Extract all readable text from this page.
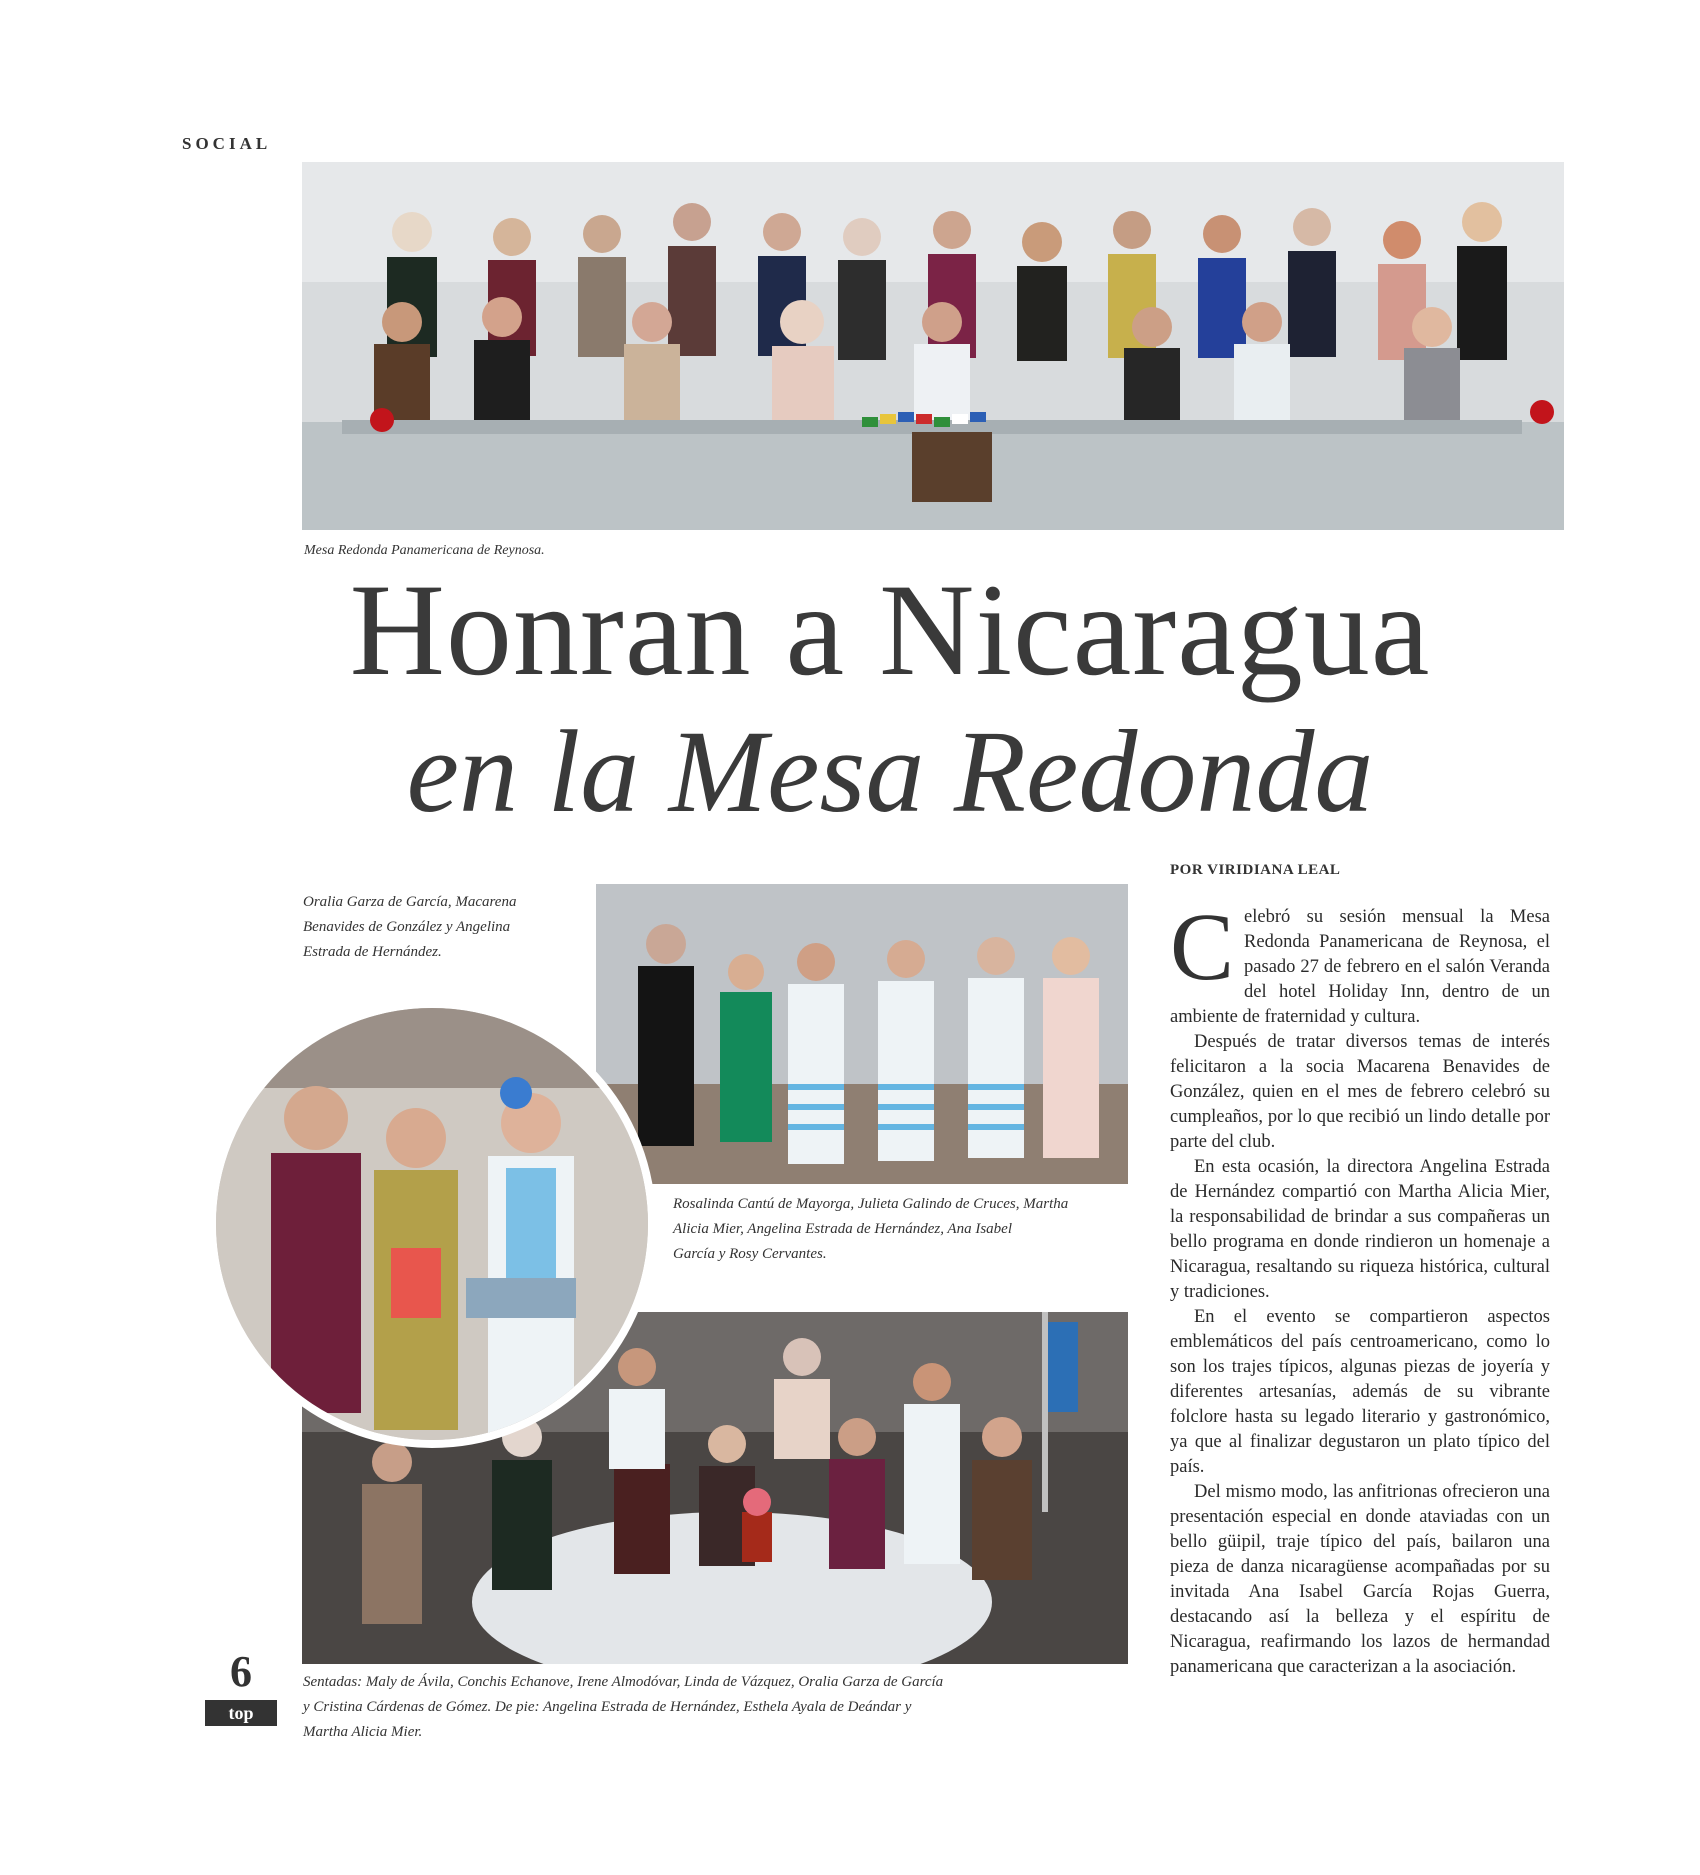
SOCIAL
Mesa Redonda Panamericana de Reynosa.
Honran a Nicaragua
en la Mesa Redonda
Oralia Garza de García, Macarena
Benavides de González y Angelina
Estrada de Hernández.
Rosalinda Cantú de Mayorga, Julieta Galindo de Cruces, Martha
Alicia Mier, Angelina Estrada de Hernández, Ana Isabel
García y Rosy Cervantes.
Sentadas: Maly de Ávila, Conchis Echanove, Irene Almodóvar, Linda de Vázquez, Oralia Garza de García
y Cristina Cárdenas de Gómez. De pie: Angelina Estrada de Hernández, Esthela Ayala de Deándar y
Martha Alicia Mier.
POR VIRIDIANA LEAL

Celebró su sesión mensual la Mesa Redonda Panamericana de Reynosa, el pasado 27 de febrero en el salón Veranda del hotel Holiday Inn, dentro de un ambiente de fraternidad y cultura.

Después de tratar diversos temas de interés felicitaron a la socia Macarena Benavides de González, quien en el mes de febrero celebró su cumpleaños, por lo que recibió un lindo detalle por parte del club.

En esta ocasión, la directora Angelina Estrada de Hernández compartió con Martha Alicia Mier, la responsabilidad de brindar a sus compañeras un bello programa en donde rindieron un homenaje a Nicaragua, resaltando su riqueza histórica, cultural y tradiciones.

En el evento se compartieron aspectos emblemáticos del país centroamericano, como lo son los trajes típicos, algunas piezas de joyería y diferentes artesanías, además de su vibrante folclore hasta su legado literario y gastronómico, ya que al finalizar degustaron un plato típico del país.

Del mismo modo, las anfitrionas ofrecieron una presentación especial en donde ataviadas con un bello güipil, traje típico del país, bailaron una pieza de danza nicaragüense acompañadas por su invitada Ana Isabel García Rojas Guerra, destacando así la belleza y el espíritu de Nicaragua, reafirmando los lazos de hermandad panamericana que caracterizan a la asociación.

6
top
